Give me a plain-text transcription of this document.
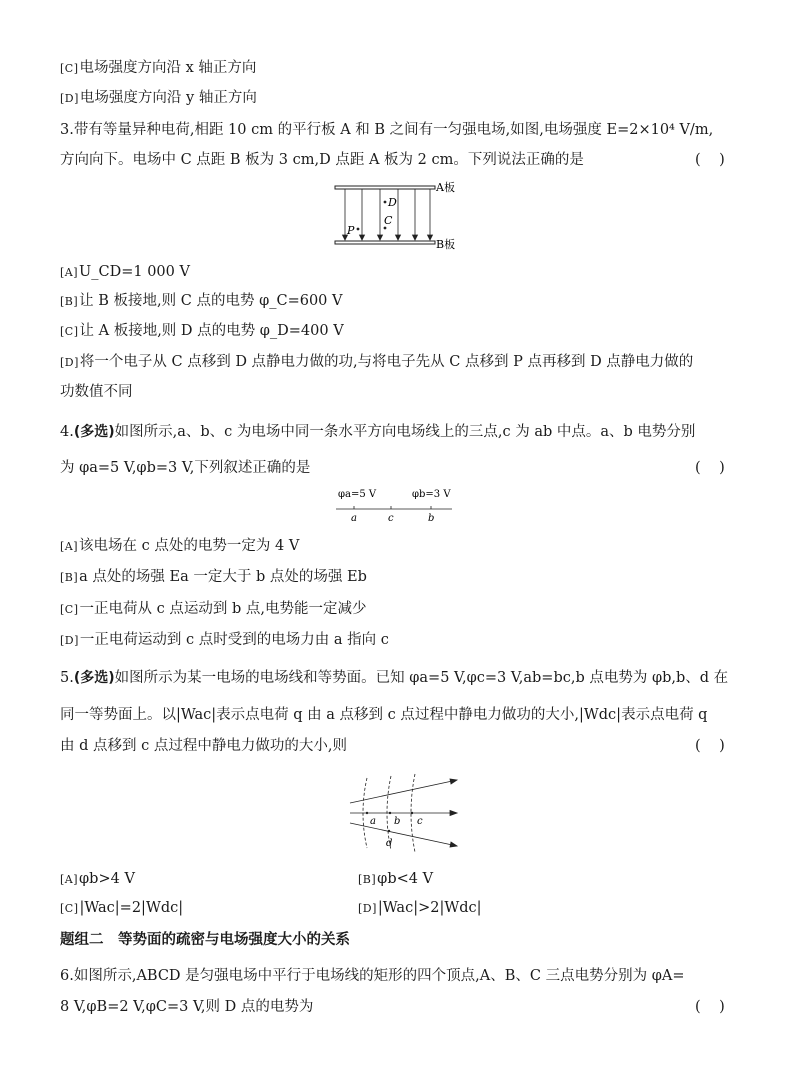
[C]电场强度方向沿 x 轴正方向
[D]电场强度方向沿 y 轴正方向
3.带有等量异种电荷,相距 10 cm 的平行板 A 和 B 之间有一匀强电场,如图,电场强度 E=2×10⁴ V/m,
方向向下。电场中 C 点距 B 板为 3 cm,D 点距 A 板为 2 cm。下列说法正确的是	(    )
D
C
P
A板
B板
[A]U_CD=1 000 V
[B]让 B 板接地,则 C 点的电势 φ_C=600 V
[C]让 A 板接地,则 D 点的电势 φ_D=400 V
[D]将一个电子从 C 点移到 D 点静电力做的功,与将电子先从 C 点移到 P 点再移到 D 点静电力做的
功数值不同
4.(多选)如图所示,a、b、c 为电场中同一条水平方向电场线上的三点,c 为 ab 中点。a、b 电势分别
为 φa=5 V,φb=3 V,下列叙述正确的是	(    )
φa=5 V	φb=3 V
a	c	b
[A]该电场在 c 点处的电势一定为 4 V
[B]a 点处的场强 Ea 一定大于 b 点处的场强 Eb
[C]一正电荷从 c 点运动到 b 点,电势能一定减少
[D]一正电荷运动到 c 点时受到的电场力由 a 指向 c
5.(多选)如图所示为某一电场的电场线和等势面。已知 φa=5 V,φc=3 V,ab=bc,b 点电势为 φb,b、d 在
同一等势面上。以|Wac|表示点电荷 q 由 a 点移到 c 点过程中静电力做功的大小,|Wdc|表示点电荷 q
由 d 点移到 c 点过程中静电力做功的大小,则	(    )
a b c
d
[A]φb>4 V	[B]φb<4 V
[C]|Wac|=2|Wdc|	[D]|Wac|>2|Wdc|
题组二　等势面的疏密与电场强度大小的关系
6.如图所示,ABCD 是匀强电场中平行于电场线的矩形的四个顶点,A、B、C 三点电势分别为 φA=
8 V,φB=2 V,φC=3 V,则 D 点的电势为	(    )
